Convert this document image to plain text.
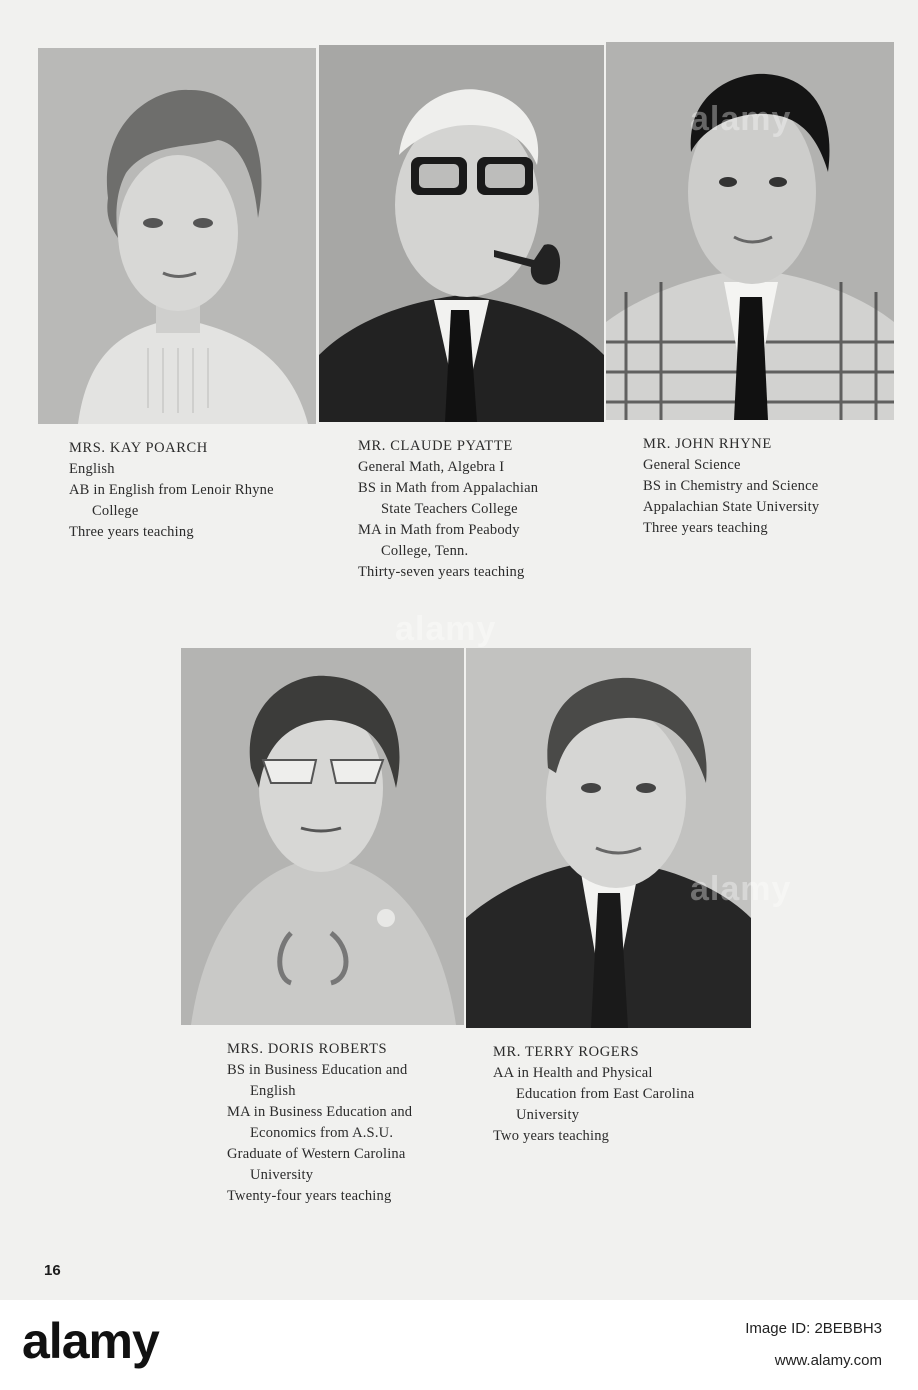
MRS. KAY POARCH
English
AB in English from Lenoir Rhyne
College
Three years teaching
MR. CLAUDE PYATTE
General Math, Algebra I
BS in Math from Appalachian
State Teachers College
MA in Math from Peabody
College, Tenn.
Thirty-seven years teaching
MR. JOHN RHYNE
General Science
BS in Chemistry and Science
Appalachian State University
Three years teaching
MRS. DORIS ROBERTS
BS in Business Education and
English
MA in Business Education and
Economics from A.S.U.
Graduate of Western Carolina
University
Twenty-four years teaching
MR. TERRY ROGERS
AA in Health and Physical
Education from East Carolina
University
Two years teaching
16
alamy
alamy
alamy
alamy	Image ID: 2BEBBH3
www.alamy.com
